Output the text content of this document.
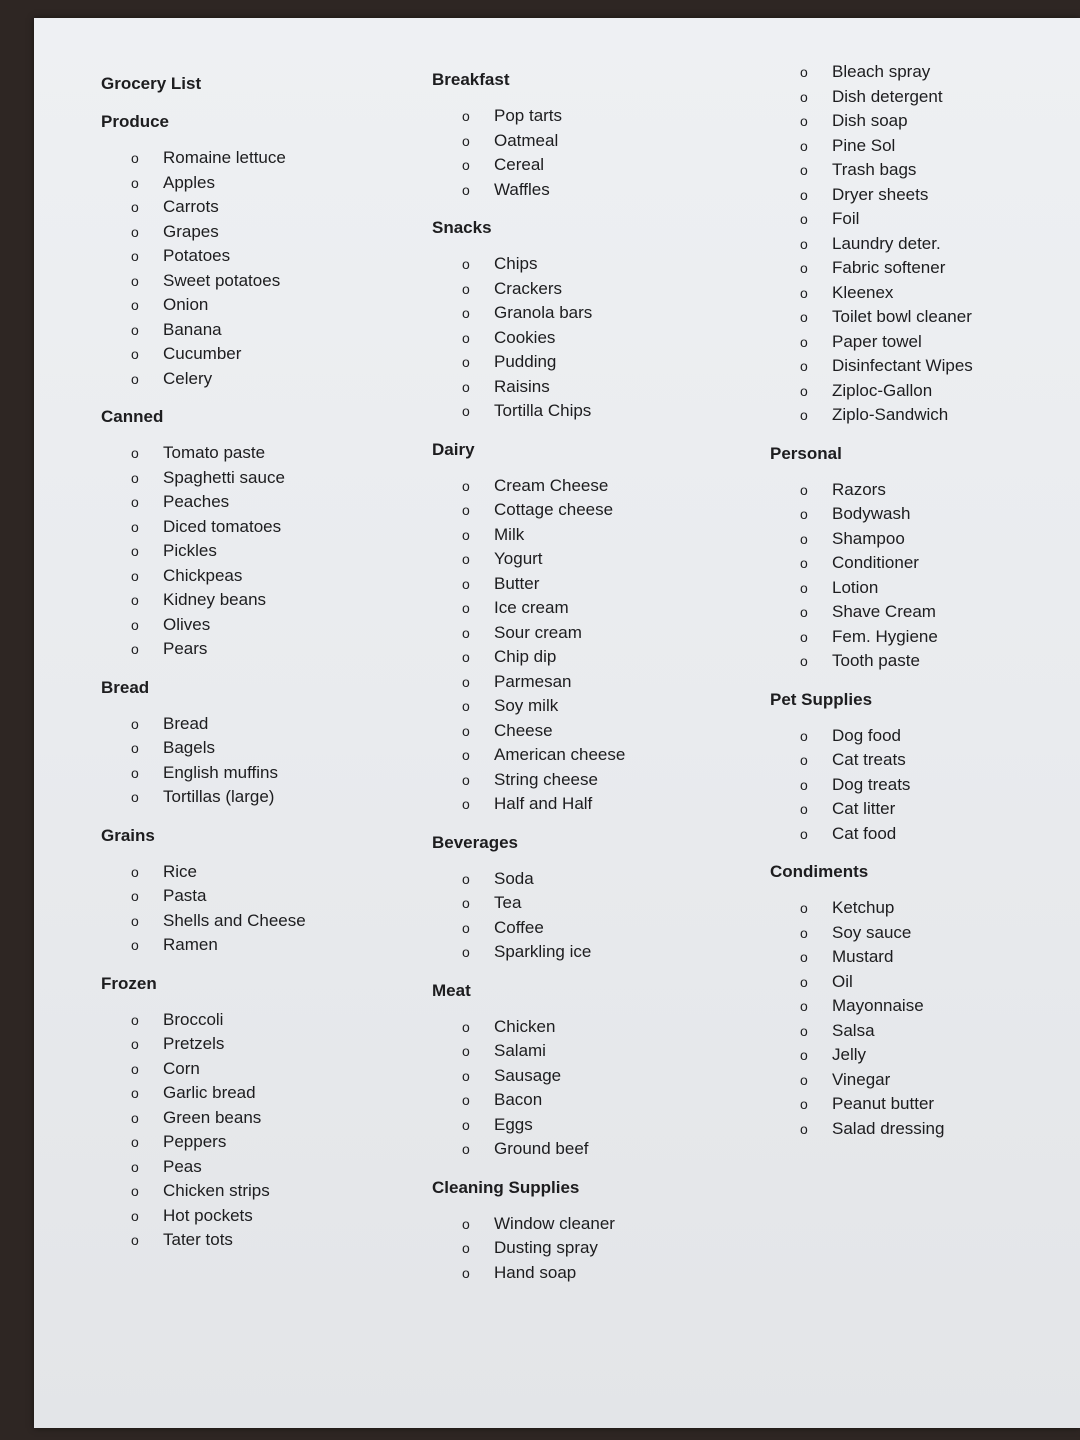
Grocery List
Produce
o Romaine lettuce
o Apples
o Carrots
o Grapes
o Potatoes
o Sweet potatoes
o Onion
o Banana
o Cucumber
o Celery
Canned
o Tomato paste
o Spaghetti sauce
o Peaches
o Diced tomatoes
o Pickles
o Chickpeas
o Kidney beans
o Olives
o Pears
Bread
o Bread
o Bagels
o English muffins
o Tortillas (large)
Grains
o Rice
o Pasta
o Shells and Cheese
o Ramen
Frozen
o Broccoli
o Pretzels
o Corn
o Garlic bread
o Green beans
o Peppers
o Peas
o Chicken strips
o Hot pockets
o Tater tots
Breakfast
o Pop tarts
o Oatmeal
o Cereal
o Waffles
Snacks
o Chips
o Crackers
o Granola bars
o Cookies
o Pudding
o Raisins
o Tortilla Chips
Dairy
o Cream Cheese
o Cottage cheese
o Milk
o Yogurt
o Butter
o Ice cream
o Sour cream
o Chip dip
o Parmesan
o Soy milk
o Cheese
o American cheese
o String cheese
o Half and Half
Beverages
o Soda
o Tea
o Coffee
o Sparkling ice
Meat
o Chicken
o Salami
o Sausage
o Bacon
o Eggs
o Ground beef
Cleaning Supplies
o Window cleaner
o Dusting spray
o Hand soap
o Bleach spray
o Dish detergent
o Dish soap
o Pine Sol
o Trash bags
o Dryer sheets
o Foil
o Laundry deter.
o Fabric softener
o Kleenex
o Toilet bowl cleaner
o Paper towel
o Disinfectant Wipes
o Ziploc-Gallon
o Ziplo-Sandwich
Personal
o Razors
o Bodywash
o Shampoo
o Conditioner
o Lotion
o Shave Cream
o Fem. Hygiene
o Tooth paste
Pet Supplies
o Dog food
o Cat treats
o Dog treats
o Cat litter
o Cat food
Condiments
o Ketchup
o Soy sauce
o Mustard
o Oil
o Mayonnaise
o Salsa
o Jelly
o Vinegar
o Peanut butter
o Salad dressing
